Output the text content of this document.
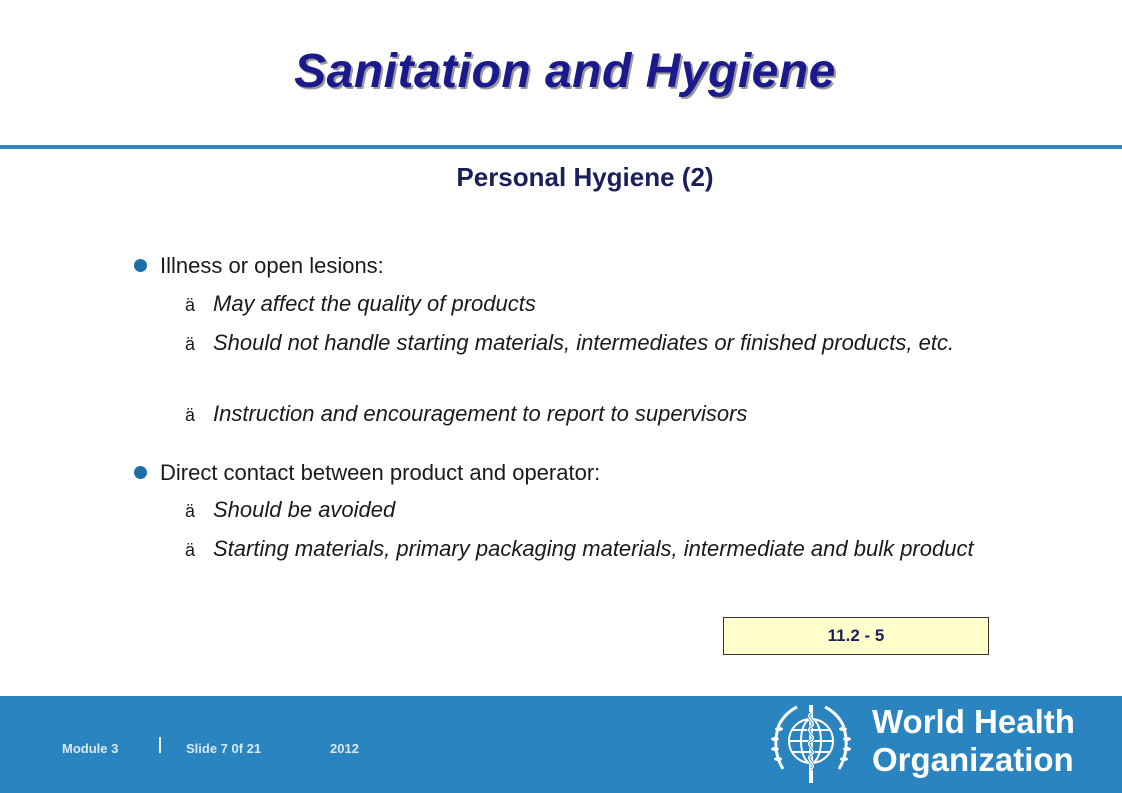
Sanitation and Hygiene
Personal Hygiene (2)
Illness or open lesions:
ä May affect the quality of products
ä Should not handle starting materials, intermediates or finished products, etc.
ä Instruction and encouragement to report to supervisors
Direct contact between product and operator:
ä Should be avoided
ä Starting materials, primary packaging materials, intermediate and bulk product
11.2 - 5
Module 3	Slide 7 0f 21	2012
World Health
Organization
